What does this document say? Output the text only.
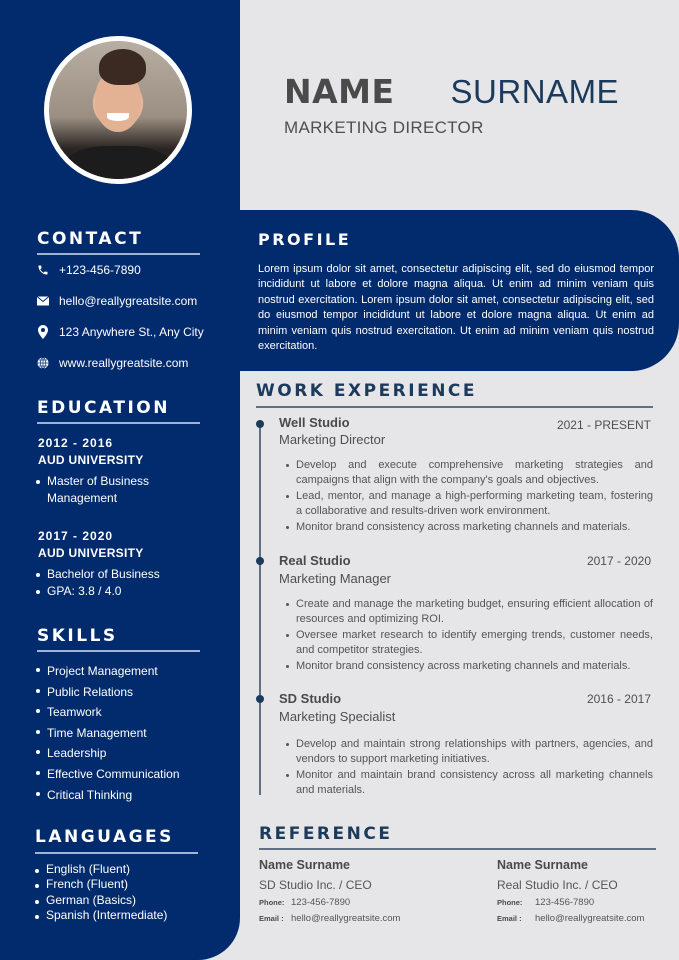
NAME SURNAME
MARKETING DIRECTOR
CONTACT
+123-456-7890
hello@reallygreatsite.com
123 Anywhere St., Any City
www.reallygreatsite.com
EDUCATION
2012 - 2016
AUD UNIVERSITY
Master of Business Management
2017 - 2020
AUD UNIVERSITY
Bachelor of Business
GPA: 3.8 / 4.0
SKILLS
Project Management
Public Relations
Teamwork
Time Management
Leadership
Effective Communication
Critical Thinking
LANGUAGES
English (Fluent)
French (Fluent)
German (Basics)
Spanish (Intermediate)
PROFILE
Lorem ipsum dolor sit amet, consectetur adipiscing elit, sed do eiusmod tempor incididunt ut labore et dolore magna aliqua. Ut enim ad minim veniam quis nostrud exercitation. Lorem ipsum dolor sit amet, consectetur adipiscing elit, sed do eiusmod tempor incididunt ut labore et dolore magna aliqua. Ut enim ad minim veniam quis nostrud exercitation. Ut enim ad minim veniam quis nostrud exercitation.
WORK EXPERIENCE
Well Studio	2021 - PRESENT
Marketing Director
Develop and execute comprehensive marketing strategies and campaigns that align with the company's goals and objectives.
Lead, mentor, and manage a high-performing marketing team, fostering a collaborative and results-driven work environment.
Monitor brand consistency across marketing channels and materials.
Real Studio	2017 - 2020
Marketing Manager
Create and manage the marketing budget, ensuring efficient allocation of resources and optimizing ROI.
Oversee market research to identify emerging trends, customer needs, and competitor strategies.
Monitor brand consistency across marketing channels and materials.
SD Studio	2016 - 2017
Marketing Specialist
Develop and maintain strong relationships with partners, agencies, and vendors to support marketing initiatives.
Monitor and maintain brand consistency across all marketing channels and materials.
REFERENCE
Name Surname
SD Studio Inc. / CEO
Phone: 123-456-7890
Email : hello@reallygreatsite.com
Name Surname
Real Studio Inc. / CEO
Phone:	123-456-7890
Email :	hello@reallygreatsite.com
